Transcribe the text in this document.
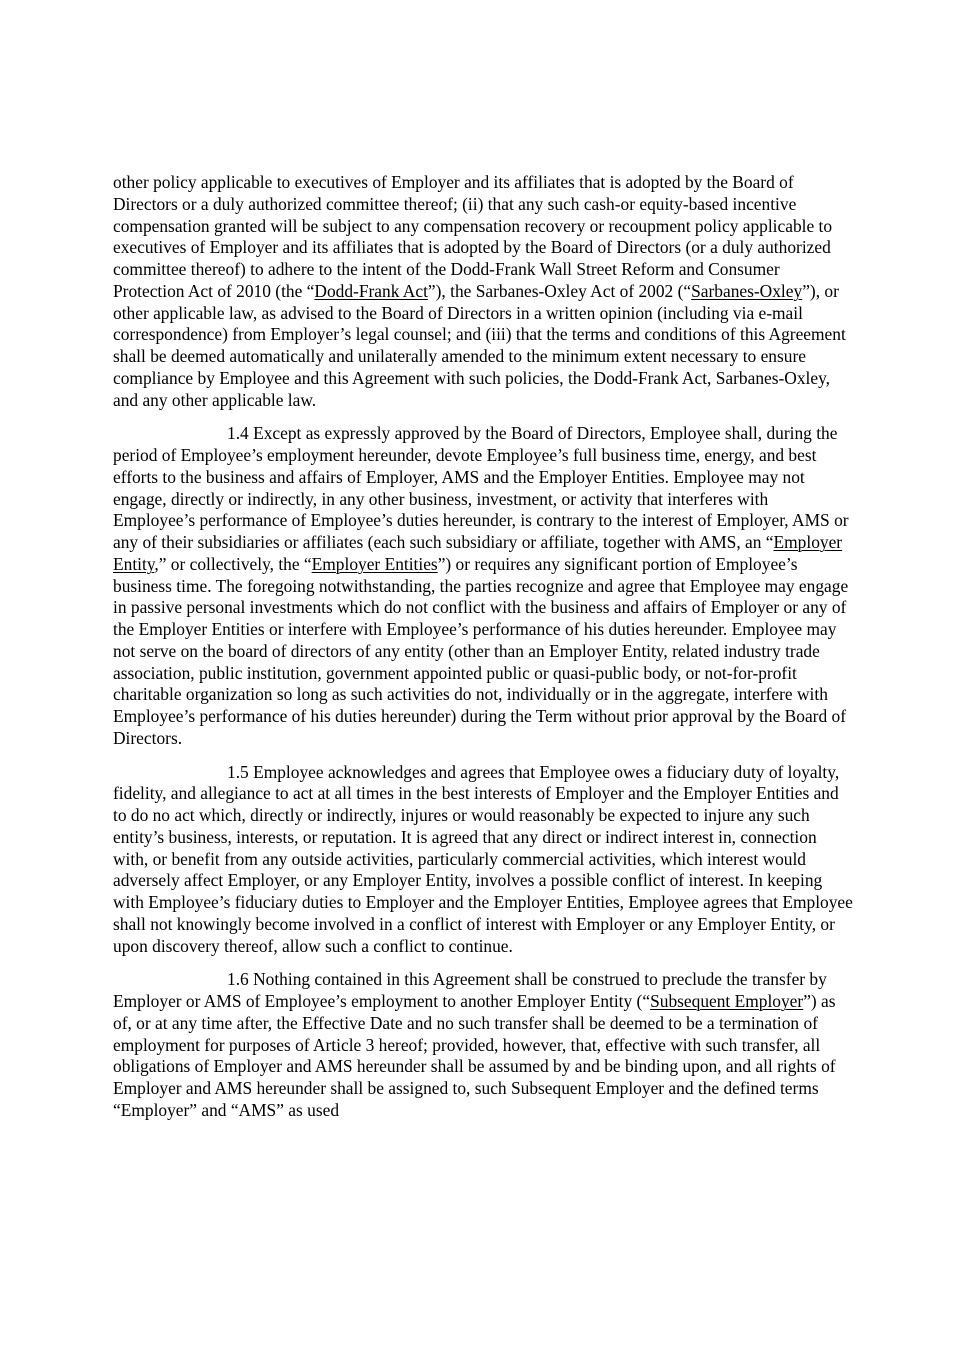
other policy applicable to executives of Employer and its affiliates that is adopted by the Board of Directors or a duly authorized committee thereof; (ii) that any such cash-or equity-based incentive compensation granted will be subject to any compensation recovery or recoupment policy applicable to executives of Employer and its affiliates that is adopted by the Board of Directors (or a duly authorized committee thereof) to adhere to the intent of the Dodd-Frank Wall Street Reform and Consumer Protection Act of 2010 (the “Dodd-Frank Act”), the Sarbanes-Oxley Act of 2002 (“Sarbanes-Oxley”), or other applicable law, as advised to the Board of Directors in a written opinion (including via e-mail correspondence) from Employer’s legal counsel; and (iii) that the terms and conditions of this Agreement shall be deemed automatically and unilaterally amended to the minimum extent necessary to ensure compliance by Employee and this Agreement with such policies, the Dodd-Frank Act, Sarbanes-Oxley, and any other applicable law.

1.4 Except as expressly approved by the Board of Directors, Employee shall, during the period of Employee’s employment hereunder, devote Employee’s full business time, energy, and best efforts to the business and affairs of Employer, AMS and the Employer Entities. Employee may not engage, directly or indirectly, in any other business, investment, or activity that interferes with Employee’s performance of Employee’s duties hereunder, is contrary to the interest of Employer, AMS or any of their subsidiaries or affiliates (each such subsidiary or affiliate, together with AMS, an “Employer Entity,” or collectively, the “Employer Entities”) or requires any significant portion of Employee’s business time. The foregoing notwithstanding, the parties recognize and agree that Employee may engage in passive personal investments which do not conflict with the business and affairs of Employer or any of the Employer Entities or interfere with Employee’s performance of his duties hereunder. Employee may not serve on the board of directors of any entity (other than an Employer Entity, related industry trade association, public institution, government appointed public or quasi-public body, or not-for-profit charitable organization so long as such activities do not, individually or in the aggregate, interfere with Employee’s performance of his duties hereunder) during the Term without prior approval by the Board of Directors.

1.5 Employee acknowledges and agrees that Employee owes a fiduciary duty of loyalty, fidelity, and allegiance to act at all times in the best interests of Employer and the Employer Entities and to do no act which, directly or indirectly, injures or would reasonably be expected to injure any such entity’s business, interests, or reputation. It is agreed that any direct or indirect interest in, connection with, or benefit from any outside activities, particularly commercial activities, which interest would adversely affect Employer, or any Employer Entity, involves a possible conflict of interest. In keeping with Employee’s fiduciary duties to Employer and the Employer Entities, Employee agrees that Employee shall not knowingly become involved in a conflict of interest with Employer or any Employer Entity, or upon discovery thereof, allow such a conflict to continue.

1.6 Nothing contained in this Agreement shall be construed to preclude the transfer by Employer or AMS of Employee’s employment to another Employer Entity (“Subsequent Employer”) as of, or at any time after, the Effective Date and no such transfer shall be deemed to be a termination of employment for purposes of Article 3 hereof; provided, however, that, effective with such transfer, all obligations of Employer and AMS hereunder shall be assumed by and be binding upon, and all rights of Employer and AMS hereunder shall be assigned to, such Subsequent Employer and the defined terms “Employer” and “AMS” as used
